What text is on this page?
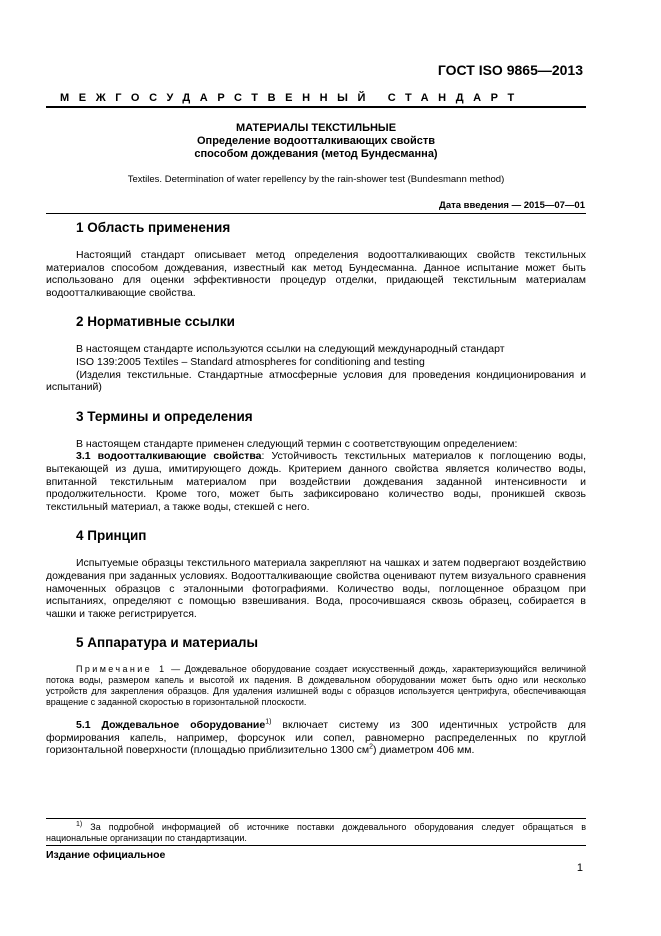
ГОСТ ISO 9865—2013
МЕЖГОСУДАРСТВЕННЫЙ СТАНДАРТ
МАТЕРИАЛЫ ТЕКСТИЛЬНЫЕ
Определение водоотталкивающих свойств
способом дождевания (метод Бундесманна)
Textiles. Determination of water repellency by the rain-shower test (Bundesmann method)
Дата введения — 2015—07—01
1 Область применения

Настоящий стандарт описывает метод определения водоотталкивающих свойств текстильных материалов способом дождевания, известный как метод Бундесманна. Данное испытание может быть использовано для оценки эффективности процедур отделки, придающей текстильным материалам водоотталкивающие свойства.

2 Нормативные ссылки

В настоящем стандарте используются ссылки на следующий международный стандарт

ISO 139:2005 Textiles – Standard atmospheres for conditioning and testing

(Изделия текстильные. Стандартные атмосферные условия для проведения кондиционирования и испытаний)

3 Термины и определения

В настоящем стандарте применен следующий термин с соответствующим определением:

3.1 водоотталкивающие свойства: Устойчивость текстильных материалов к поглощению воды, вытекающей из душа, имитирующего дождь. Критерием данного свойства является количество воды, впитанной текстильным материалом при воздействии дождевания заданной интенсивности и продолжительности. Кроме того, может быть зафиксировано количество воды, проникшей сквозь текстильный материал, а также воды, стекшей с него.

4 Принцип

Испытуемые образцы текстильного материала закрепляют на чашках и затем подвергают воздействию дождевания при заданных условиях. Водоотталкивающие свойства оценивают путем визуального сравнения намоченных образцов с эталонными фотографиями. Количество воды, поглощенное образцом при испытаниях, определяют с помощью взвешивания. Вода, просочившаяся сквозь образец, собирается в чашки и также регистрируется.

5 Аппаратура и материалы

Примечание 1 — Дождевальное оборудование создает искусственный дождь, характеризующийся величиной потока воды, размером капель и высотой их падения. В дождевальном оборудовании может быть одно или несколько устройств для закрепления образцов. Для удаления излишней воды с образцов используется центрифуга, обеспечивающая вращение с заданной скоростью в горизонтальной плоскости.

5.1 Дождевальное оборудование$^{1)}$ включает систему из 300 идентичных устройств для формирования капель, например, форсунок или сопел, равномерно распределенных по круглой горизонтальной поверхности (площадью приблизительно 1300 $см^2$) диаметром 406 мм.

$^{1)}$ За подробной информацией об источнике поставки дождевального оборудования следует обращаться в национальные организации по стандартизации.

Издание официальное
1
